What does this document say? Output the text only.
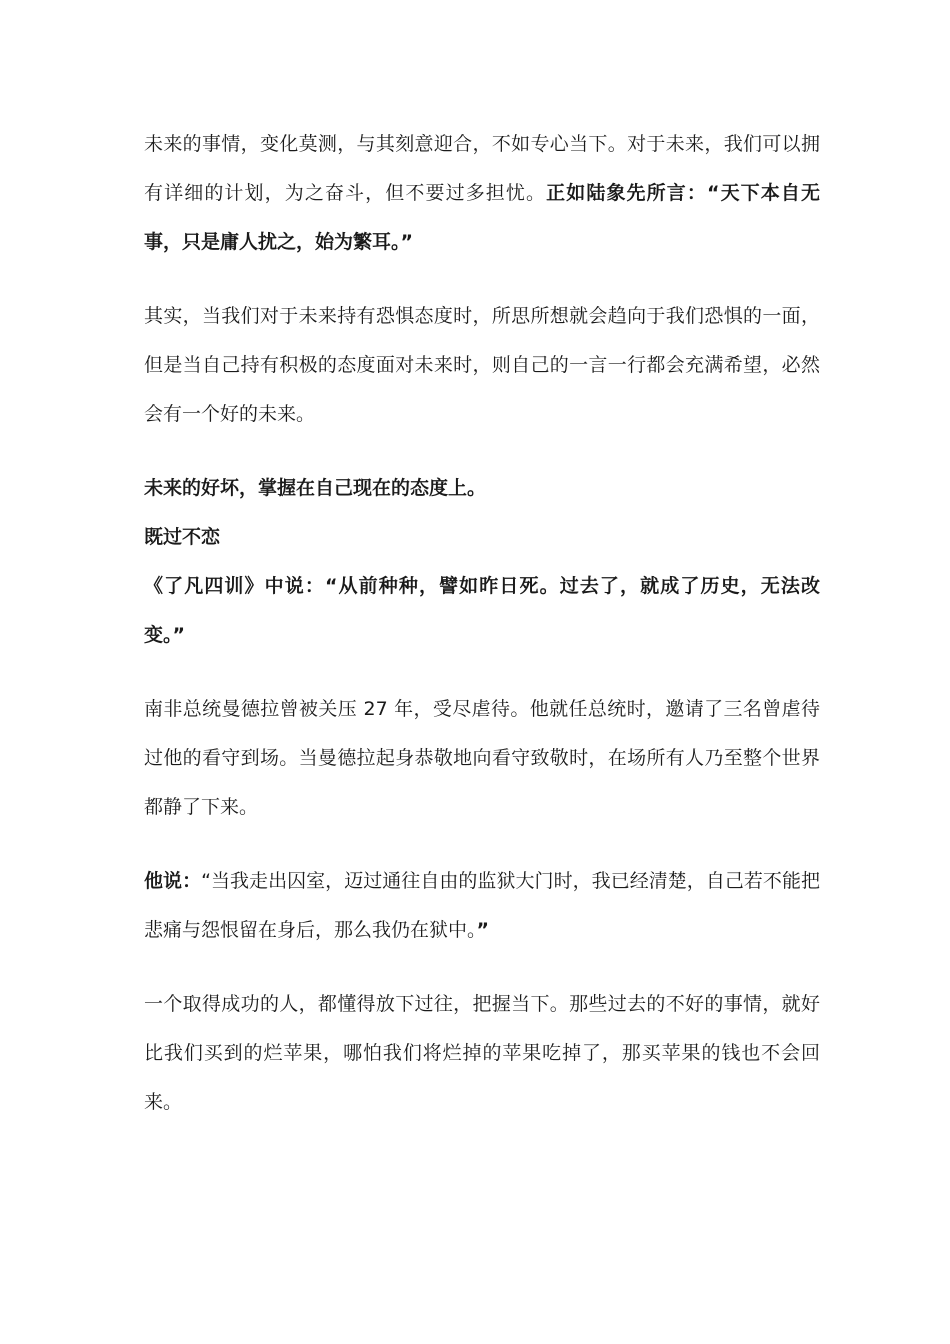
未来的事情，变化莫测，与其刻意迎合，不如专心当下。对于未来，我们可以拥有详细的计划，为之奋斗，但不要过多担忧。正如陆象先所言：“天下本自无事，只是庸人扰之，始为繁耳。”

其实，当我们对于未来持有恐惧态度时，所思所想就会趋向于我们恐惧的一面，但是当自己持有积极的态度面对未来时，则自己的一言一行都会充满希望，必然会有一个好的未来。

未来的好坏，掌握在自己现在的态度上。

既过不恋

《了凡四训》中说：“从前种种，譬如昨日死。过去了，就成了历史，无法改变。”

南非总统曼德拉曾被关压 27 年，受尽虐待。他就任总统时，邀请了三名曾虐待过他的看守到场。当曼德拉起身恭敬地向看守致敬时，在场所有人乃至整个世界都静了下来。

他说：“当我走出囚室，迈过通往自由的监狱大门时，我已经清楚，自己若不能把悲痛与怨恨留在身后，那么我仍在狱中。”

一个取得成功的人，都懂得放下过往，把握当下。那些过去的不好的事情，就好比我们买到的烂苹果，哪怕我们将烂掉的苹果吃掉了，那买苹果的钱也不会回来。
